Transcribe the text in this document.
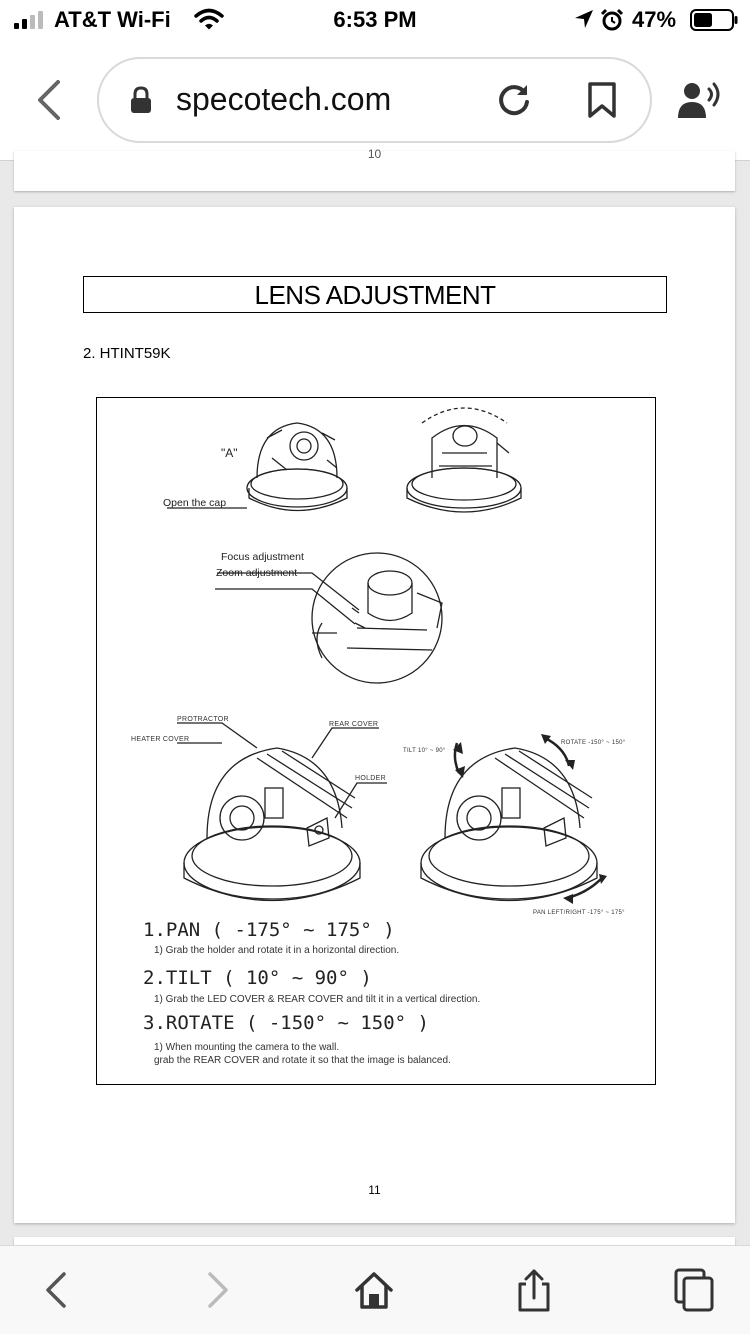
AT&T Wi-Fi	6:53 PM	47%
specotech.com
10
LENS ADJUSTMENT
2. HTINT59K
"A"
Open the cap
Focus adjustment
Zoom adjustment
PROTRACTOR
HEATER COVER
REAR COVER
HOLDER
TILT 10° ~ 90°
ROTATE -150° ~ 150°
PAN LEFT/RIGHT -175° ~ 175°
1.PAN ( -175° ~ 175° )
1) Grab the holder and rotate it in a horizontal direction.
2.TILT ( 10° ~ 90° )
1) Grab the LED COVER & REAR COVER and tilt it in a vertical direction.
3.ROTATE ( -150° ~ 150° )
1) When mounting the camera to the wall.
grab the REAR COVER and rotate it so that the image is balanced.
11
